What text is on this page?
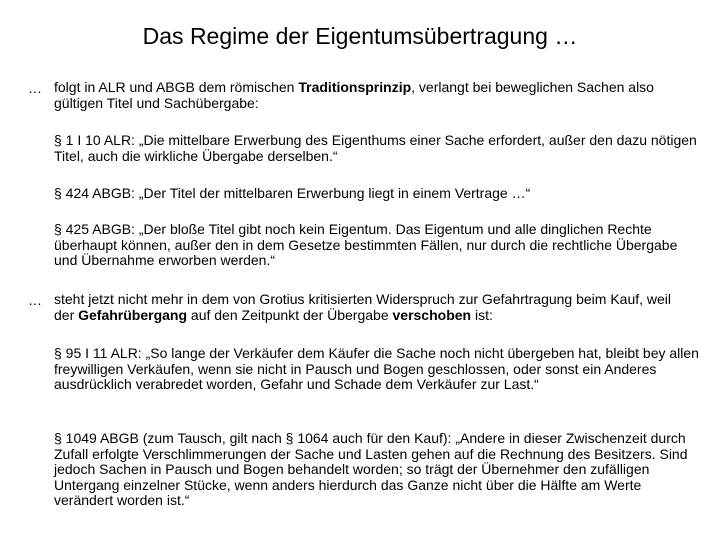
Das Regime der Eigentumsübertragung …
… folgt in ALR und ABGB dem römischen Traditionsprinzip, verlangt bei beweglichen Sachen also gültigen Titel und Sachübergabe:
§ 1 I 10 ALR: „Die mittelbare Erwerbung des Eigenthums einer Sache erfordert, außer den dazu nötigen Titel, auch die wirkliche Übergabe derselben.“
§ 424 ABGB: „Der Titel der mittelbaren Erwerbung liegt in einem Vertrage …“
§ 425 ABGB: „Der bloße Titel gibt noch kein Eigentum. Das Eigentum und alle dinglichen Rechte überhaupt können, außer den in dem Gesetze bestimmten Fällen, nur durch die rechtliche Übergabe und Übernahme erworben werden.“
… steht jetzt nicht mehr in dem von Grotius kritisierten Widerspruch zur Gefahrtragung beim Kauf, weil der Gefahrübergang auf den Zeitpunkt der Übergabe verschoben ist:
§ 95 I 11 ALR: „So lange der Verkäufer dem Käufer die Sache noch nicht übergeben hat, bleibt bey allen freywilligen Verkäufen, wenn sie nicht in Pausch und Bogen geschlossen, oder sonst ein Anderes ausdrücklich verabredet worden, Gefahr und Schade dem Verkäufer zur Last.“
§ 1049 ABGB (zum Tausch, gilt nach § 1064 auch für den Kauf): „Andere in dieser Zwischenzeit durch Zufall erfolgte Verschlimmerungen der Sache und Lasten gehen auf die Rechnung des Besitzers. Sind jedoch Sachen in Pausch und Bogen behandelt worden; so trägt der Übernehmer den zufälligen Untergang einzelner Stücke, wenn anders hierdurch das Ganze nicht über die Hälfte am Werte verändert worden ist.“
